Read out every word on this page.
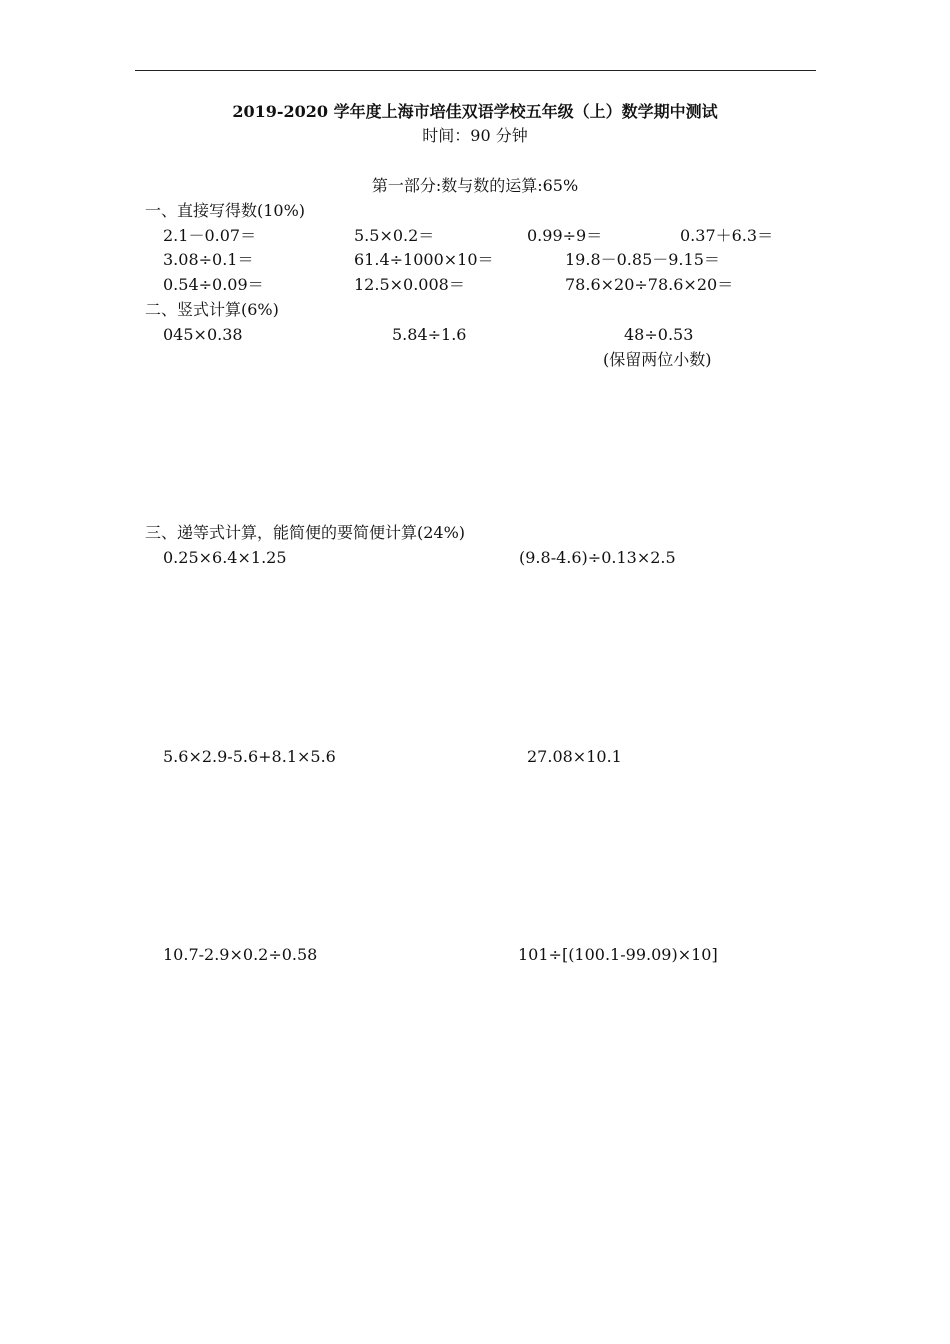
2019-2020 学年度上海市培佳双语学校五年级（上）数学期中测试
时间：90 分钟
第一部分:数与数的运算:65%
一、直接写得数(10%)
2.1－0.07＝	5.5×0.2＝	0.99÷9＝	0.37＋6.3＝
3.08÷0.1＝	61.4÷1000×10＝	19.8－0.85－9.15＝
0.54÷0.09＝	12.5×0.008＝	78.6×20÷78.6×20＝
二、竖式计算(6%)
045×0.38	5.84÷1.6	48÷0.53
(保留两位小数)
三、递等式计算，能简便的要简便计算(24%)
0.25×6.4×1.25	(9.8-4.6)÷0.13×2.5
5.6×2.9-5.6+8.1×5.6	27.08×10.1
10.7-2.9×0.2÷0.58	101÷[(100.1-99.09)×10]
